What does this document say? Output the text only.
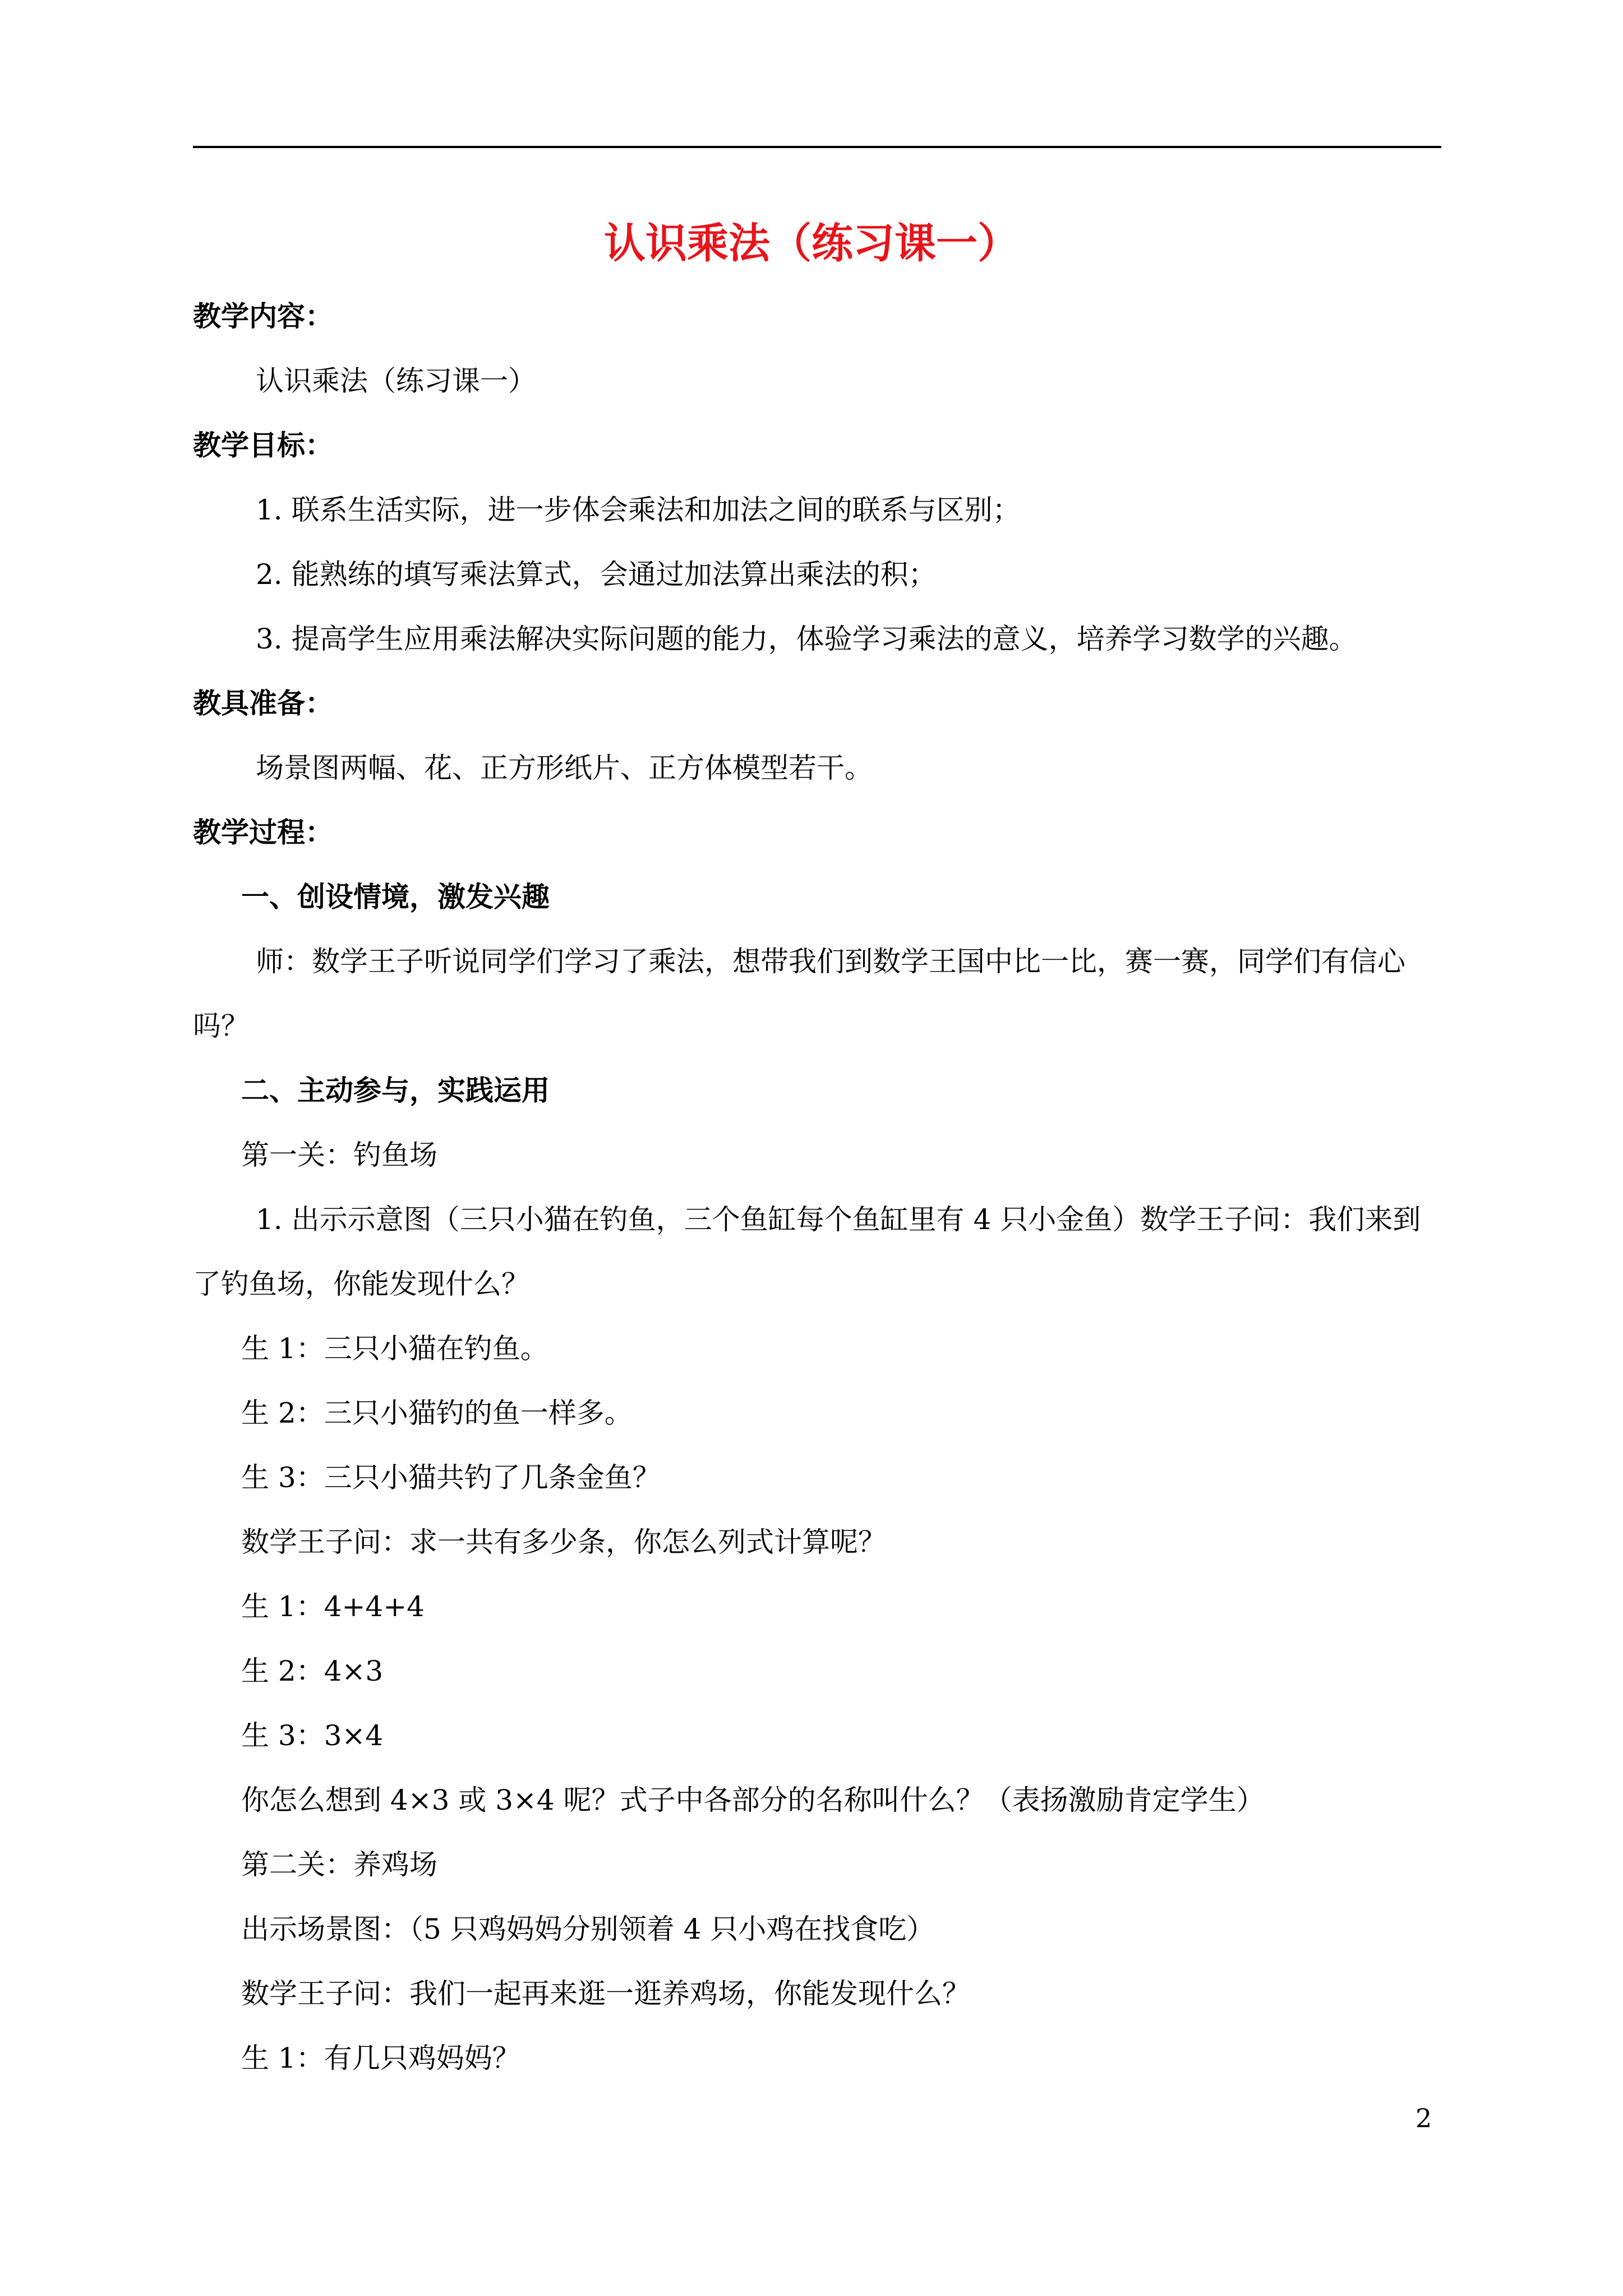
认识乘法（练习课一）
教学内容：
认识乘法（练习课一）
教学目标：
1. 联系生活实际，进一步体会乘法和加法之间的联系与区别；
2. 能熟练的填写乘法算式，会通过加法算出乘法的积；
3. 提高学生应用乘法解决实际问题的能力，体验学习乘法的意义，培养学习数学的兴趣。
教具准备：
场景图两幅、花、正方形纸片、正方体模型若干。
教学过程：
一、创设情境，激发兴趣
师：数学王子听说同学们学习了乘法，想带我们到数学王国中比一比，赛一赛，同学们有信心
吗？
二、主动参与，实践运用
第一关：钓鱼场
1. 出示示意图（三只小猫在钓鱼，三个鱼缸每个鱼缸里有 4 只小金鱼）数学王子问：我们来到
了钓鱼场，你能发现什么？
生 1：三只小猫在钓鱼。
生 2：三只小猫钓的鱼一样多。
生 3：三只小猫共钓了几条金鱼？
数学王子问：求一共有多少条，你怎么列式计算呢？
生 1：4+4+4
生 2：4×3
生 3：3×4
你怎么想到 4×3 或 3×4 呢？式子中各部分的名称叫什么？（表扬激励肯定学生）
第二关：养鸡场
出示场景图：（5 只鸡妈妈分别领着 4 只小鸡在找食吃）
数学王子问：我们一起再来逛一逛养鸡场，你能发现什么？
生 1：有几只鸡妈妈？
2
